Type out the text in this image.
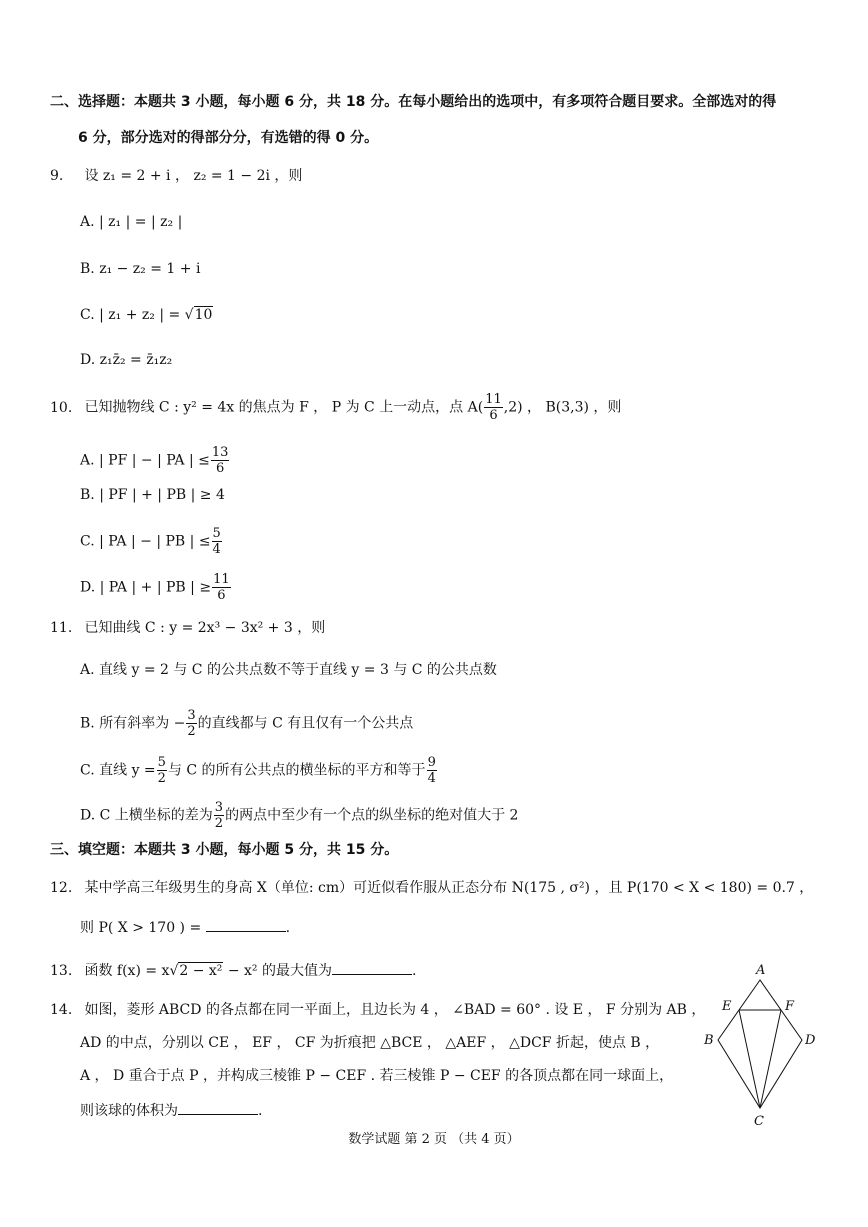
二、选择题：本题共 3 小题，每小题 6 分，共 18 分。在每小题给出的选项中，有多项符合题目要求。全部选对的得
6 分，部分选对的得部分分，有选错的得 0 分。
9. 设 z₁ = 2 + i ， z₂ = 1 − 2i ，则
A. | z₁ | = | z₂ |
B. z₁ − z₂ = 1 + i
C. | z₁ + z₂ | = √10
D. z₁z̄₂ = z̄₁z₂
10. 已知抛物线 C : y² = 4x 的焦点为 F ， P 为 C 上一动点，点 $A( \frac{11}{6} ,2)$ ， B(3,3) ，则
A. | PF | − | PA | ≤ $\frac{13}{6}$
B. | PF | + | PB | ≥ 4
C. | PA | − | PB | ≤ $\frac{5}{4}$
D. | PA | + | PB | ≥ $\frac{11}{6}$
11. 已知曲线 C : y = 2x³ − 3x² + 3 ，则
A. 直线 y = 2 与 C 的公共点数不等于直线 y = 3 与 C 的公共点数
B. 所有斜率为 − $\frac{3}{2}$ 的直线都与 C 有且仅有一个公共点
C. 直线 $y = \frac{5}{2}$ 与 C 的所有公共点的横坐标的平方和等于 $\frac{9}{4}$
D. C 上横坐标的差为 $\frac{3}{2}$ 的两点中至少有一个点的纵坐标的绝对值大于 2
三、填空题：本题共 3 小题，每小题 5 分，共 15 分。
12. 某中学高三年级男生的身高 X（单位: cm）可近似看作服从正态分布 N(175 , σ²) ，且 P(170 < X < 180) = 0.7 ，
则 P( X > 170 ) =	.
13. 函数 f(x) = x√2 − x² − x² 的最大值为	.
14. 如图，菱形 ABCD 的各点都在同一平面上，且边长为 4 ， ∠BAD = 60° . 设 E ， F 分别为 AB ，
AD 的中点，分别以 CE ， EF ， CF 为折痕把 △BCE ， △AEF ， △DCF 折起，使点 B ，
A ， D 重合于点 P ，并构成三棱锥 P − CEF . 若三棱锥 P − CEF 的各顶点都在同一球面上，
则该球的体积为	.
A
B
C
D
E	F
数学试题 第 2 页 （共 4 页）
